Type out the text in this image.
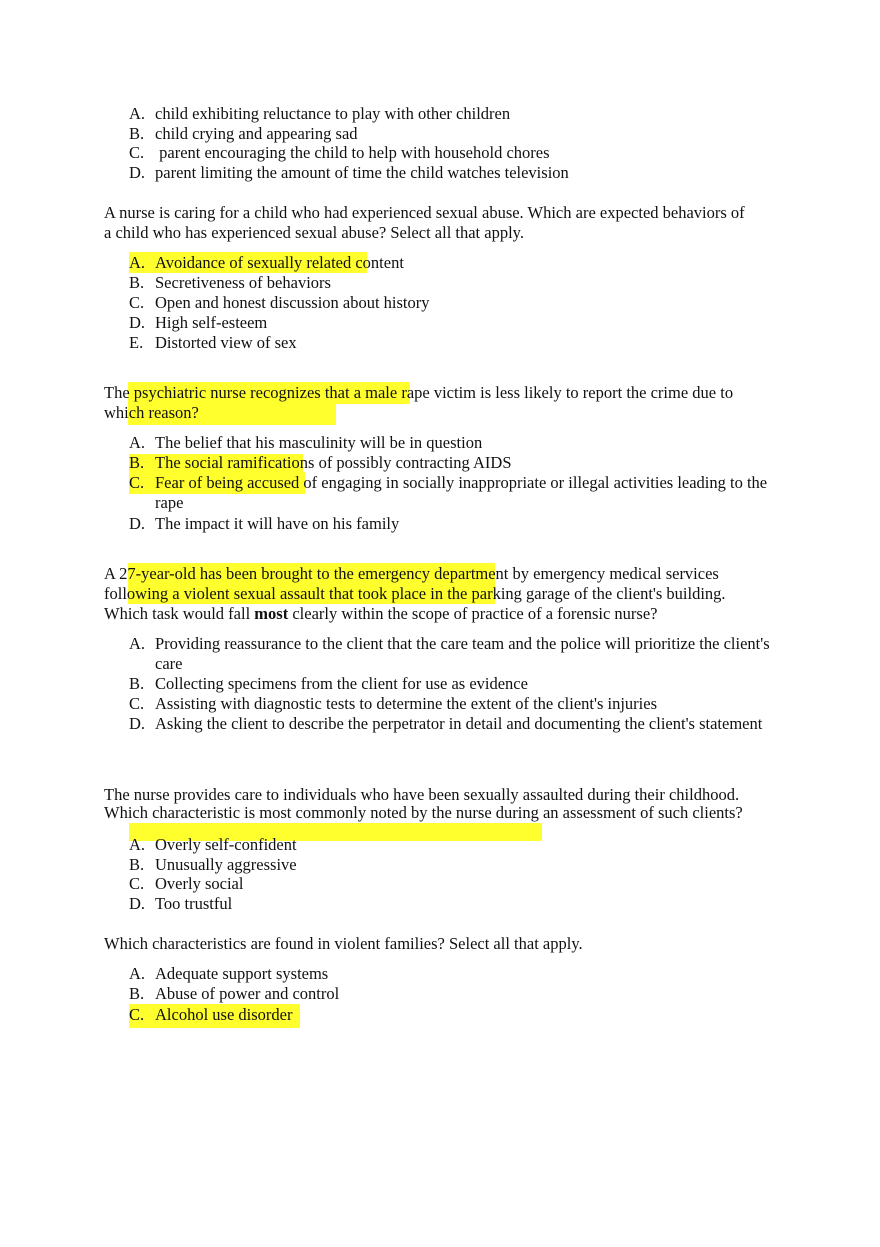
A. child exhibiting reluctance to play with other children
B. child crying and appearing sad
C. parent encouraging the child to help with household chores
D. parent limiting the amount of time the child watches television
A nurse is caring for a child who had experienced sexual abuse. Which are expected behaviors of
a child who has experienced sexual abuse? Select all that apply.
A. Avoidance of sexually related content
B. Secretiveness of behaviors
C. Open and honest discussion about history
D. High self-esteem
E. Distorted view of sex
The psychiatric nurse recognizes that a male rape victim is less likely to report the crime due to
which reason?
A. The belief that his masculinity will be in question
B. The social ramifications of possibly contracting AIDS
C. Fear of being accused of engaging in socially inappropriate or illegal activities leading to the rape
D. The impact it will have on his family
A 27-year-old has been brought to the emergency department by emergency medical services
following a violent sexual assault that took place in the parking garage of the client's building.
Which task would fall most clearly within the scope of practice of a forensic nurse?
A. Providing reassurance to the client that the care team and the police will prioritize the client's care
B. Collecting specimens from the client for use as evidence
C. Assisting with diagnostic tests to determine the extent of the client's injuries
D. Asking the client to describe the perpetrator in detail and documenting the client's statement
The nurse provides care to individuals who have been sexually assaulted during their childhood.
Which characteristic is most commonly noted by the nurse during an assessment of such clients?
A. Overly self-confident
B. Unusually aggressive
C. Overly social
D. Too trustful
Which characteristics are found in violent families? Select all that apply.
A. Adequate support systems
B. Abuse of power and control
C. Alcohol use disorder
